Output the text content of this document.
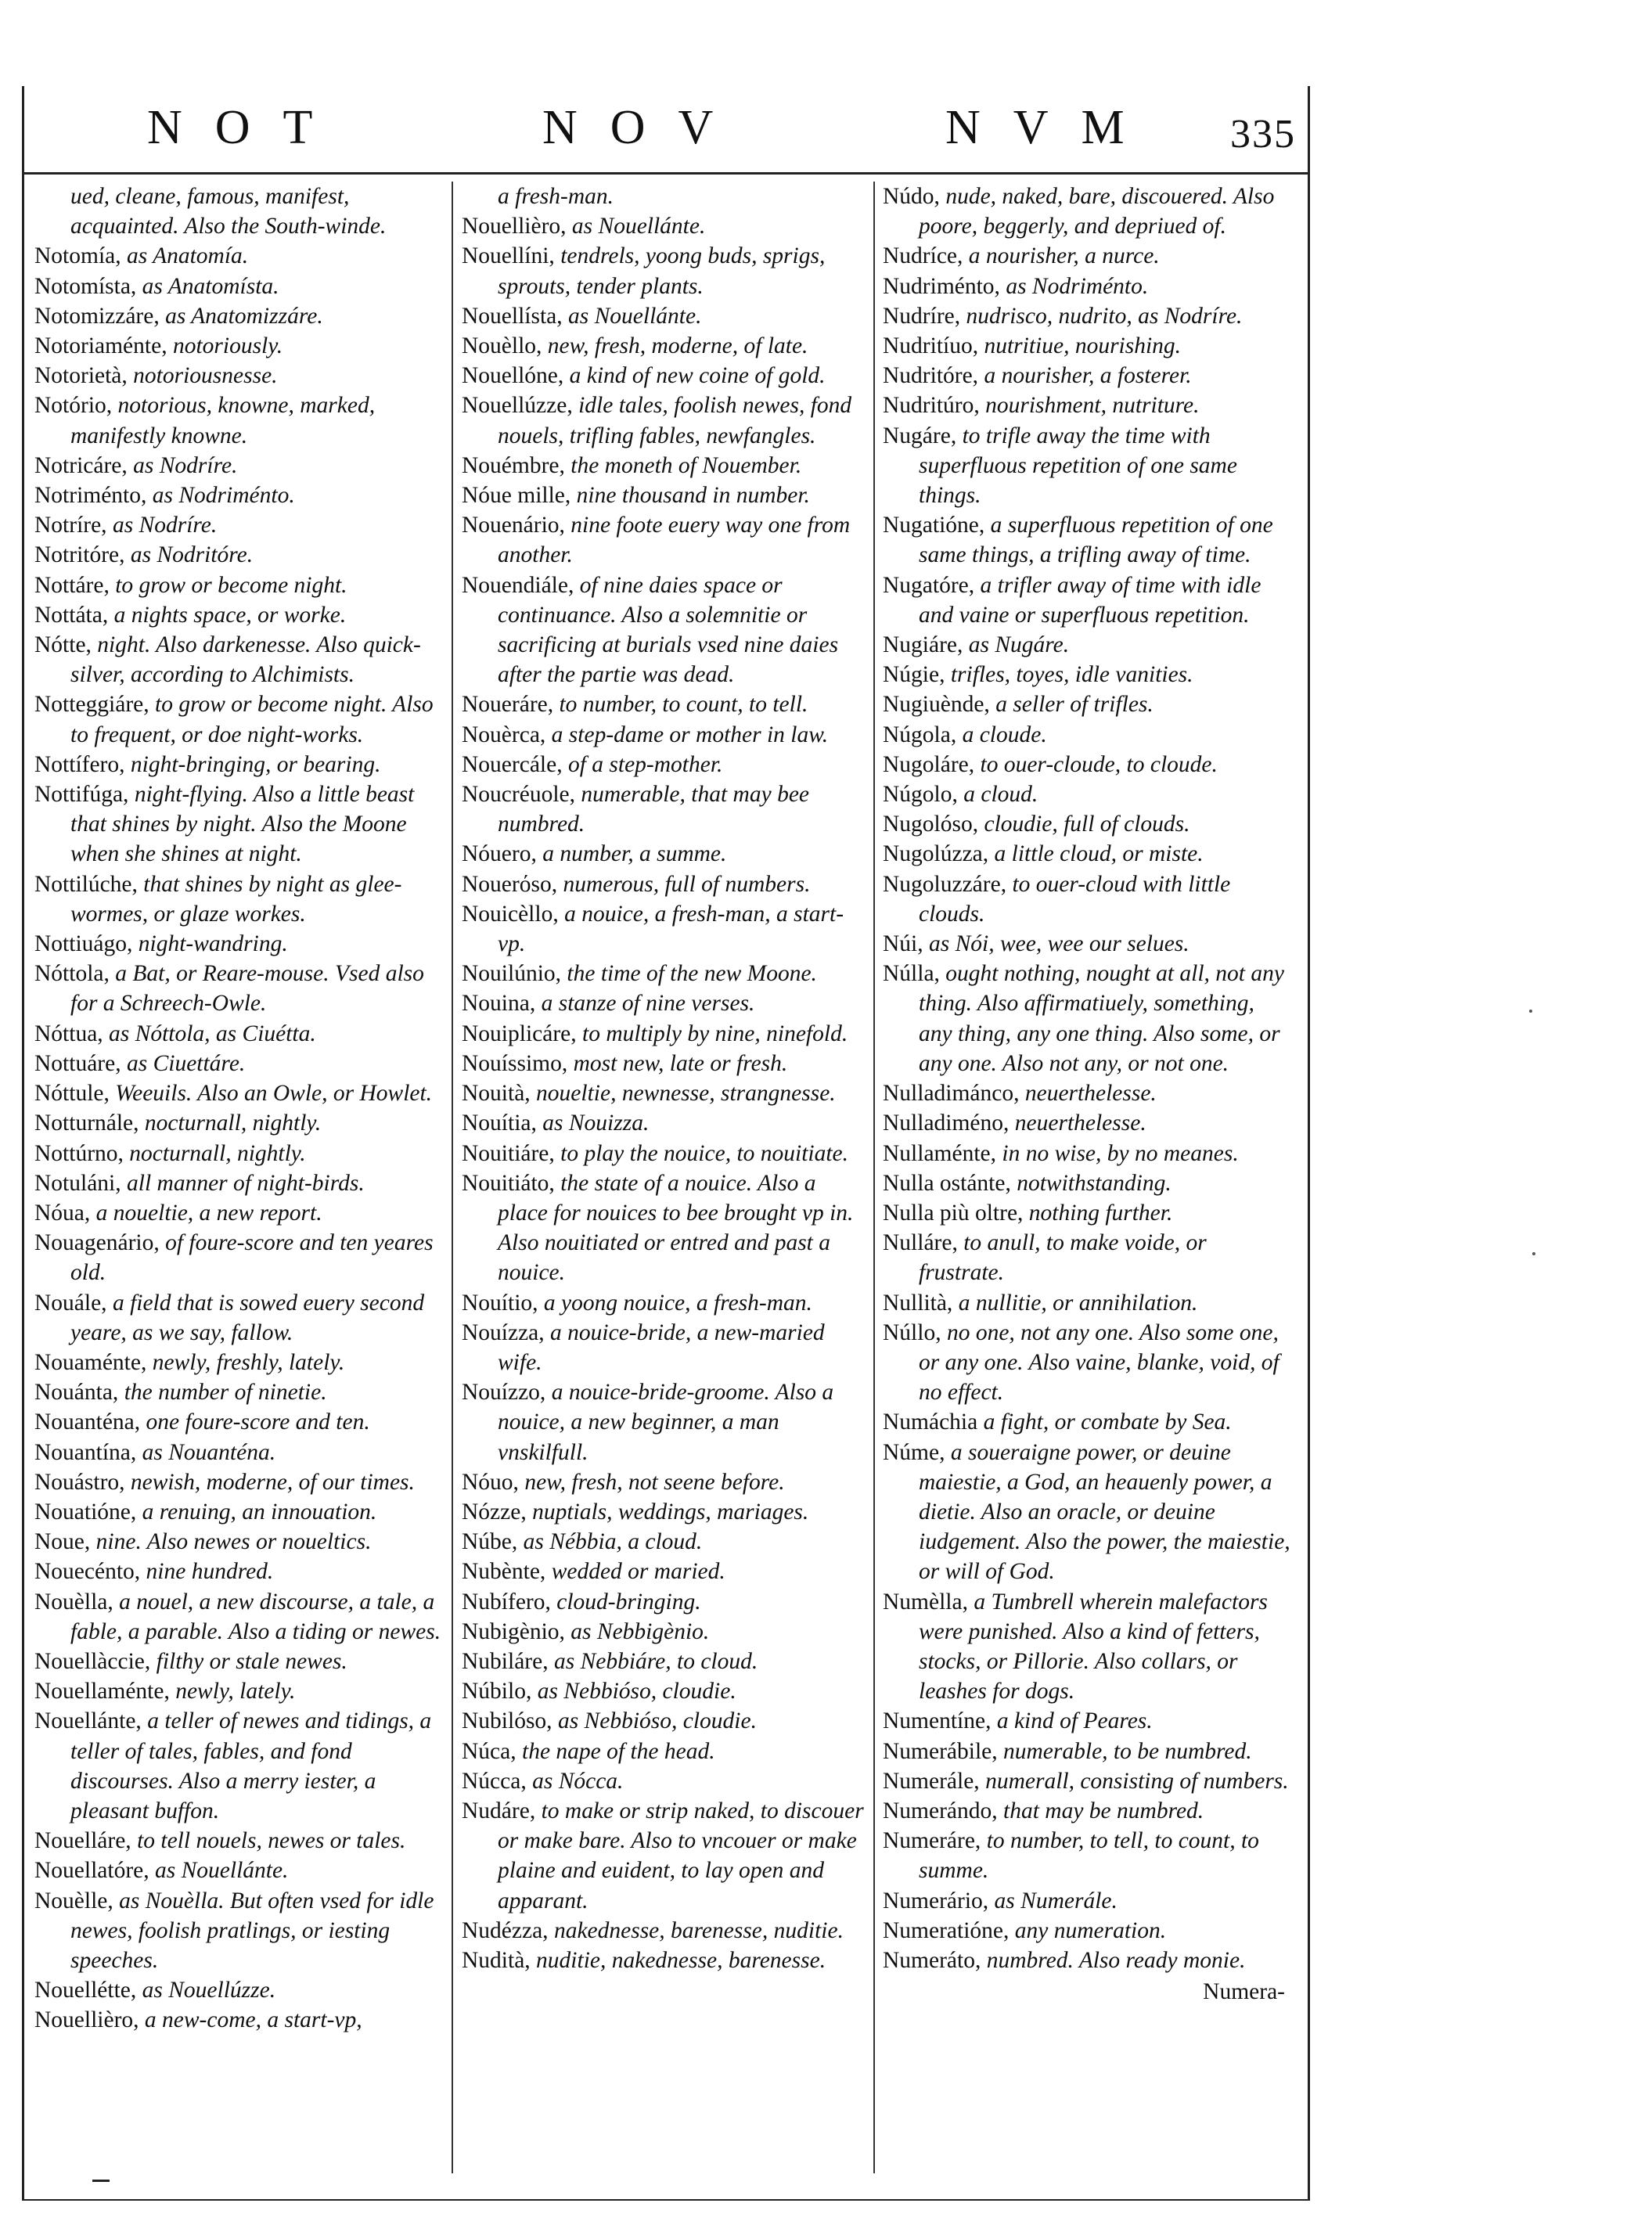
NOT	NOV	NVM 335

ued, cleane, famous, manifest, acquainted. Also the South-winde.

Notomía, as Anatomía.

Notomísta, as Anatomísta.

Notomizzáre, as Anatomizzáre.

Notoriaménte, notoriously.

Notorietà, notoriousnesse.

Notório, notorious, knowne, marked, manifestly knowne.

Notricáre, as Nodríre.

Notriménto, as Nodriménto.

Notríre, as Nodríre.

Notritóre, as Nodritóre.

Nottáre, to grow or become night.

Nottáta, a nights space, or worke.

Nótte, night. Also darkenesse. Also quick-silver, according to Alchimists.

Notteggiáre, to grow or become night. Also to frequent, or doe night-works.

Nottífero, night-bringing, or bearing.

Nottifúga, night-flying. Also a little beast that shines by night. Also the Moone when she shines at night.

Nottilúche, that shines by night as glee-wormes, or glaze workes.

Nottiuágo, night-wandring.

Nóttola, a Bat, or Reare-mouse. Vsed also for a Schreech-Owle.

Nóttua, as Nóttola, as Ciuétta.

Nottuáre, as Ciuettáre.

Nóttule, Weeuils. Also an Owle, or Howlet.

Notturnále, nocturnall, nightly.

Nottúrno, nocturnall, nightly.

Notuláni, all manner of night-birds.

Nóua, a noueltie, a new report.

Nouagenário, of foure-score and ten yeares old.

Nouále, a field that is sowed euery second yeare, as we say, fallow.

Nouaménte, newly, freshly, lately.

Nouánta, the number of ninetie.

Nouanténa, one foure-score and ten.

Nouantína, as Nouanténa.

Nouástro, newish, moderne, of our times.

Nouatióne, a renuing, an innouation.

Noue, nine. Also newes or noueltics.

Nouecénto, nine hundred.

Nouèlla, a nouel, a new discourse, a tale, a fable, a parable. Also a tiding or newes.

Nouellàccie, filthy or stale newes.

Nouellaménte, newly, lately.

Nouellánte, a teller of newes and tidings, a teller of tales, fables, and fond discourses. Also a merry iester, a pleasant buffon.

Nouelláre, to tell nouels, newes or tales.

Nouellatóre, as Nouellánte.

Nouèlle, as Nouèlla. But often vsed for idle newes, foolish pratlings, or iesting speeches.

Nouellétte, as Nouellúzze.

Nouellièro, a new-come, a start-vp,

a fresh-man.

Nouellièro, as Nouellánte.

Nouellíni, tendrels, yoong buds, sprigs, sprouts, tender plants.

Nouellísta, as Nouellánte.

Nouèllo, new, fresh, moderne, of late.

Nouellóne, a kind of new coine of gold.

Nouellúzze, idle tales, foolish newes, fond nouels, trifling fables, newfangles.

Nouémbre, the moneth of Nouember.

Nóue mille, nine thousand in number.

Nouenário, nine foote euery way one from another.

Nouendiále, of nine daies space or continuance. Also a solemnitie or sacrificing at burials vsed nine daies after the partie was dead.

Noueráre, to number, to count, to tell.

Nouèrca, a step-dame or mother in law.

Nouercále, of a step-mother.

Noucréuole, numerable, that may bee numbred.

Nóuero, a number, a summe.

Nouerόso, numerous, full of numbers.

Nouicèllo, a nouice, a fresh-man, a start-vp.

Nouilúnio, the time of the new Moone.

Nouina, a stanze of nine verses.

Nouiplicáre, to multiply by nine, ninefold.

Nouíssimo, most new, late or fresh.

Nouità, noueltie, newnesse, strangnesse.

Nouítia, as Nouizza.

Nouitiáre, to play the nouice, to nouitiate.

Nouitiáto, the state of a nouice. Also a place for nouices to bee brought vp in. Also nouitiated or entred and past a nouice.

Nouítio, a yoong nouice, a fresh-man.

Nouízza, a nouice-bride, a new-maried wife.

Nouízzo, a nouice-bride-groome. Also a nouice, a new beginner, a man vnskilfull.

Nóuo, new, fresh, not seene before.

Nózze, nuptials, weddings, mariages.

Núbe, as Nébbia, a cloud.

Nubènte, wedded or maried.

Nubífero, cloud-bringing.

Nubigènio, as Nebbigènio.

Nubiláre, as Nebbiáre, to cloud.

Núbilo, as Nebbióso, cloudie.

Nubilóso, as Nebbióso, cloudie.

Núca, the nape of the head.

Núcca, as Nócca.

Nudáre, to make or strip naked, to discouer or make bare. Also to vncouer or make plaine and euident, to lay open and apparant.

Nudézza, nakednesse, barenesse, nuditie.

Nudità, nuditie, nakednesse, barenesse.

Núdo, nude, naked, bare, discouered. Also poore, beggerly, and depriued of.

Nudríce, a nourisher, a nurce.

Nudriménto, as Nodriménto.

Nudríre, nudrisco, nudrito, as Nodríre.

Nudritíuo, nutritiue, nourishing.

Nudritóre, a nourisher, a fosterer.

Nudritúro, nourishment, nutriture.

Nugáre, to trifle away the time with superfluous repetition of one same things.

Nugatióne, a superfluous repetition of one same things, a trifling away of time.

Nugatóre, a trifler away of time with idle and vaine or superfluous repetition.

Nugiáre, as Nugáre.

Núgie, trifles, toyes, idle vanities.

Nugiuènde, a seller of trifles.

Núgola, a cloude.

Nugoláre, to ouer-cloude, to cloude.

Núgolo, a cloud.

Nugolóso, cloudie, full of clouds.

Nugolúzza, a little cloud, or miste.

Nugoluzzáre, to ouer-cloud with little clouds.

Núi, as Nói, wee, wee our selues.

Núlla, ought nothing, nought at all, not any thing. Also affirmatiuely, something, any thing, any one thing. Also some, or any one. Also not any, or not one.

Nulladimánco, neuerthelesse.

Nulladiméno, neuerthelesse.

Nullaménte, in no wise, by no meanes.

Nulla ostánte, notwithstanding.

Nulla più oltre, nothing further.

Nulláre, to anull, to make voide, or frustrate.

Nullità, a nullitie, or annihilation.

Núllo, no one, not any one. Also some one, or any one. Also vaine, blanke, void, of no effect.

Numáchia a fight, or combate by Sea.

Núme, a soueraigne power, or deuine maiestie, a God, an heauenly power, a dietie. Also an oracle, or deuine iudgement. Also the power, the maiestie, or will of God.

Numèlla, a Tumbrell wherein malefactors were punished. Also a kind of fetters, stocks, or Pillorie. Also collars, or leashes for dogs.

Numentíne, a kind of Peares.

Numerábile, numerable, to be numbred.

Numerále, numerall, consisting of numbers.

Numerándo, that may be numbred.

Numeráre, to number, to tell, to count, to summe.

Numerário, as Numerále.

Numeratióne, any numeration.

Numeráto, numbred. Also ready monie.

Numera-
